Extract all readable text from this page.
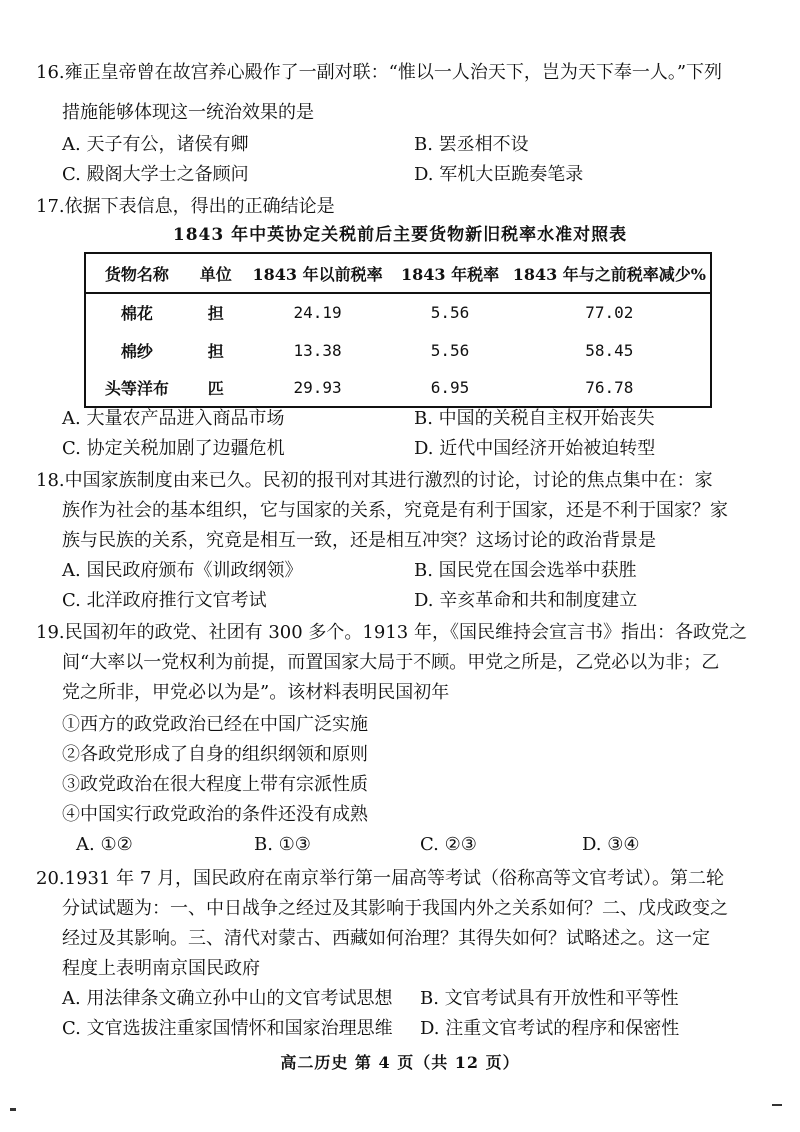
16.雍正皇帝曾在故宫养心殿作了一副对联：“惟以一人治天下，岂为天下奉一人。”下列
措施能够体现这一统治效果的是
A. 天子有公，诸侯有卿	B. 罢丞相不设
C. 殿阁大学士之备顾问	D. 军机大臣跪奏笔录
17.依据下表信息，得出的正确结论是
1843 年中英协定关税前后主要货物新旧税率水准对照表
货物名称	单位	1843 年以前税率	1843 年税率	1843 年与之前税率减少%
棉花	担	24.19	5.56	77.02
棉纱	担	13.38	5.56	58.45
头等洋布	匹	29.93	6.95	76.78
A. 大量农产品进入商品市场	B. 中国的关税自主权开始丧失
C. 协定关税加剧了边疆危机	D. 近代中国经济开始被迫转型
18.中国家族制度由来已久。民初的报刊对其进行激烈的讨论，讨论的焦点集中在：家
族作为社会的基本组织，它与国家的关系，究竟是有利于国家，还是不利于国家？家
族与民族的关系，究竟是相互一致，还是相互冲突？这场讨论的政治背景是
A. 国民政府颁布《训政纲领》	B. 国民党在国会选举中获胜
C. 北洋政府推行文官考试	D. 辛亥革命和共和制度建立
19.民国初年的政党、社团有 300 多个。1913 年，《国民维持会宣言书》指出：各政党之
间“大率以一党权利为前提，而置国家大局于不顾。甲党之所是，乙党必以为非；乙
党之所非，甲党必以为是”。该材料表明民国初年
①西方的政党政治已经在中国广泛实施
②各政党形成了自身的组织纲领和原则
③政党政治在很大程度上带有宗派性质
④中国实行政党政治的条件还没有成熟
A. ①②	B. ①③	C. ②③	D. ③④
20.1931 年 7 月，国民政府在南京举行第一届高等考试（俗称高等文官考试）。第二轮
分试试题为：一、中日战争之经过及其影响于我国内外之关系如何？二、戊戌政变之
经过及其影响。三、清代对蒙古、西藏如何治理？其得失如何？试略述之。这一定
程度上表明南京国民政府
A. 用法律条文确立孙中山的文官考试思想 B. 文官考试具有开放性和平等性
C. 文官选拔注重家国情怀和国家治理思维 D. 注重文官考试的程序和保密性
高二历史 第 4 页（共 12 页）
